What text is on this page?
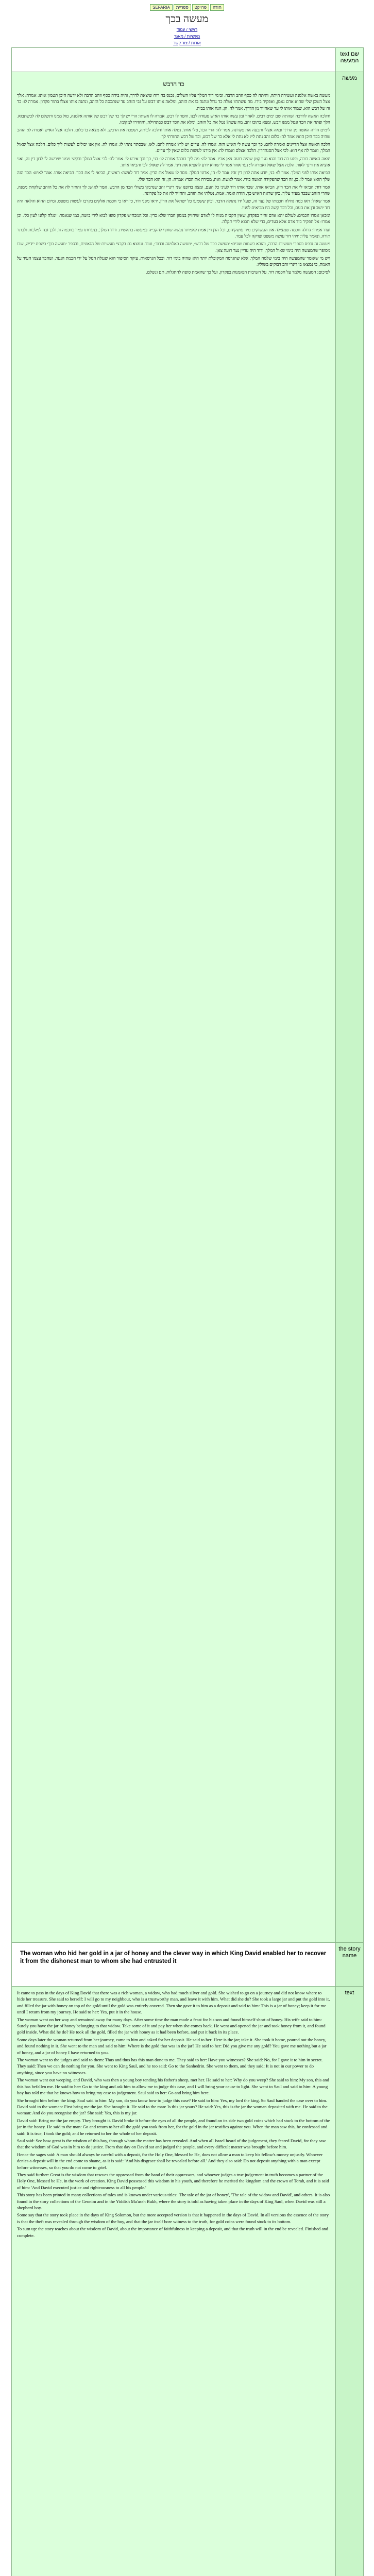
SEFARIA ספריית פרויקט חזרה
מעשה בכך
ראשי / עמוד
מעשיות / מאגר
אודות / צור קשר
text שם המעשה
כד הדבש

מעשה באשה אלמנה ועשירה היתה, והיתה לה כסף וזהב הרבה. ובימי דוד המלך עליו השלום, נכנס בה רוח שיצאת לדרך, והיה בידה כסף וזהב הרבה ולא ידעה היכן תטמון אותו. אמרה: אלך אצל השכן שלי שהוא אדם נאמן, ואפקיד בידו. מה עשתה? נטלה כד גדול ונתנה בו את הזהב, ומלאה אותו דבש על גבי הזהב עד שנתכסה כל הזהב, ונתנה אותו אצלו בתור פקדון. אמרה לו: כד זה של דבש הוא, שמור אותו לי עד שאחזור מן הדרך. אמר לה: הן, הנח אותו בבית.

והלכה האשה לדרכה ושהתה שם ימים רבים. לאחר זמן עשה אותו האיש סעודה לבנו, וחסר לו דבש. אמרה לו אשתו: הרי יש לך כד של דבש של אותה אלמנה, טול ממנו ותשלם לה לכשתבוא. הלך ופתח את הכד ונטל ממנו דבש, ומצא בתוכו זהב. מה עשה? נטל את כל הזהב, ומלא את הכד דבש כבתחילה, והחזירו למקומו.

לימים חזרה האשה מן הדרך ובאה אצלו ותבעה את פקדונה. אמר לה: הרי הכד, טלי אותו. נטלה אותו והלכה לביתה, ושפכה את הדבש, ולא מצאה בו כלום. הלכה אצל האיש ואמרה לו: הזהב שהיה בכד היכן הוא? אמר לה: כלום זהב נתת לי? לא נתת לי אלא כד של דבש, וכד של דבש החזרתי לך.

הלכה האשה אצל הדיינים ואמרה להם: כך וכך עשה לי האיש הזה. אמרו לה: עדים יש לך? אמרה להם: לאו, שבסתר נתתי לו. אמרו לה: אין אנו יכולים לעשות ליך כלום. הלכה אצל שאול המלך, ואמר לה אף הוא: לכי אצל הסנהדרין. הלכה אצלם ואמרו לה: אין בידנו לעשות כלום שאין לך עדים.

יצאה האשה בוכה, ופגע בה דוד והוא נער קטן שהיה רועה צאן אביו. אמר לה: מה ליך בוכה? אמרה לו: בני, כך וכך אירע לי. אמר לה: לכי אצל המלך ובקשי ממנו שירשה לי לדון דין זה, ואני אוציא את דינך לאור. הלכה אצל שאול ואמרה לו: נער אחד אמר לי שהוא יודע להוציא את דיני. אמר לה שאול: לכי והביאי אותו.

הביאה אותו לפני המלך. אמר לו: בני, יודע אתה לדון דין זה? אמר לו: הן, אדוני המלך. מסר לו שאול את הדין. אמר דוד לאשה: ראשית, הביאי לי את הכד. הביאה אותו. אמר לאיש: הכד הזה שלך הוא? אמר לו: כן, זה הכד שהפקידה האשה בידי. אמר לאשה: ואת, מכירה את הכד? אמרה: הן, זה הוא הכד שלי.

אמר דוד: הביאו לי את הכד ריק. הביאו אותו. שבר אותו דוד לעיני כל העם, ומצא בדופנו שני דינרי זהב שנדבקו בשולי הכד מן הדבש. אמר לאיש: לך והחזר לה את כל הזהב שלקחת ממנה, שהרי הזהב שבכד מעיד עליך. כיון שראה האיש כך, הודה ואמר: אמת, נטלתי את הזהב, והחזיר לה את כל פקדונה.

אמר שאול: ראו כמה גדולה חכמתו של נער זה, שעל ידו נתגלה הדבר. וכיון ששמעו כל ישראל את הדין, יראו מפני דוד, כי ראו כי חכמת אלקים בקרבו לעשות משפט. ומיום ההוא והלאה היה דוד יושב ודן את העם, וכל דבר קשה היו מביאים לפניו.

ומכאן אמרו חכמים: לעולם יהא אדם זהיר בפקדון, שאין הקב״ה מניח לו לאדם שיחזיק בממון חברו שלא כדין. וכל המכחיש פקדון סופו לבוא לידי בושה, כמו שנאמר: ׳ונגלה קלונו לעין כל׳. וכן אמרו: אל תפקיד ביד אדם אלא בעדים, כדי שלא תבוא לידי תקלה.

ועוד אמרו: גדולה חכמה שמצילה את העשוקים מיד עושקיהם, וכל הדן דין אמת לאמיתו נעשה שותף להקב״ה במעשה בראשית. ודוד המלך, בנערותו עמד בחכמה זו, ולכן זכה למלכות ולכתר תורה, ונאמר עליו: ׳ויהי דוד עושה משפט וצדקה לכל עמו׳.

מעשה זה נדפס בספרי מעשיות הרבה, והובא בשמות שונים: ׳מעשה בכד של דבש׳, ׳מעשה באלמנה ובדוד׳, ועוד. ונמצא גם בקבצי מעשיות של הגאונים, ובספר ׳מעשה בוך׳ בשפת יידיש, שבו מסופר שהמעשה היה בימי שאול המלך, ודוד היה עדיין נער רועה צאן.

ויש מי שאומר שהמעשה היה בימי שלמה המלך, אלא שהגרסה המקובלת יותר היא שהיה בימי דוד. ובכל הגרסאות, עיקר הסיפור הוא שנגלה הגזל על ידי חכמת הנער, ושהכד עצמו העיד על האמת, כי נמצאו בו דינרי זהב דבוקים בשוליו.

לסיכום: המעשה מלמד על חכמת דוד, על חשיבות הנאמנות בפקדון, ועל כך שהאמת סופה להתגלות. תם ונשלם.

מעשה
The woman who hid her gold in a jar of honey and the clever way in which King David enabled her to recover it from the dishonest man to whom she had entrusted it
the story name

It came to pass in the days of King David that there was a rich woman, a widow, who had much silver and gold. She wished to go on a journey and did not know where to hide her treasure. She said to herself: I will go to my neighbour, who is a trustworthy man, and leave it with him. What did she do? She took a large jar and put the gold into it, and filled the jar with honey on top of the gold until the gold was entirely covered. Then she gave it to him as a deposit and said to him: This is a jar of honey; keep it for me until I return from my journey. He said to her: Yes, put it in the house.

The woman went on her way and remained away for many days. After some time the man made a feast for his son and found himself short of honey. His wife said to him: Surely you have the jar of honey belonging to that widow. Take some of it and pay her when she comes back. He went and opened the jar and took honey from it, and found gold inside. What did he do? He took all the gold, filled the jar with honey as it had been before, and put it back in its place.

Some days later the woman returned from her journey, came to him and asked for her deposit. He said to her: Here is the jar; take it. She took it home, poured out the honey, and found nothing in it. She went to the man and said to him: Where is the gold that was in the jar? He said to her: Did you give me any gold? You gave me nothing but a jar of honey, and a jar of honey I have returned to you.

The woman went to the judges and said to them: Thus and thus has this man done to me. They said to her: Have you witnesses? She said: No, for I gave it to him in secret. They said: Then we can do nothing for you. She went to King Saul, and he too said: Go to the Sanhedrin. She went to them, and they said: It is not in our power to do anything, since you have no witnesses.

The woman went out weeping, and David, who was then a young boy tending his father's sheep, met her. He said to her: Why do you weep? She said to him: My son, this and this has befallen me. He said to her: Go to the king and ask him to allow me to judge this case, and I will bring your cause to light. She went to Saul and said to him: A young boy has told me that he knows how to bring my case to judgement. Saul said to her: Go and bring him here.

She brought him before the king. Saul said to him: My son, do you know how to judge this case? He said to him: Yes, my lord the king. So Saul handed the case over to him. David said to the woman: First bring me the jar. She brought it. He said to the man: Is this jar yours? He said: Yes, this is the jar the woman deposited with me. He said to the woman: And do you recognise the jar? She said: Yes, this is my jar.

David said: Bring me the jar empty. They brought it. David broke it before the eyes of all the people, and found on its side two gold coins which had stuck to the bottom of the jar in the honey. He said to the man: Go and return to her all the gold you took from her, for the gold in the jar testifies against you. When the man saw this, he confessed and said: It is true, I took the gold; and he returned to her the whole of her deposit.

Saul said: See how great is the wisdom of this boy, through whom the matter has been revealed. And when all Israel heard of the judgement, they feared David, for they saw that the wisdom of God was in him to do justice. From that day on David sat and judged the people, and every difficult matter was brought before him.

Hence the sages said: A man should always be careful with a deposit, for the Holy One, blessed be He, does not allow a man to keep his fellow's money unjustly. Whoever denies a deposit will in the end come to shame, as it is said: 'And his disgrace shall be revealed before all.' And they also said: Do not deposit anything with a man except before witnesses, so that you do not come to grief.

They said further: Great is the wisdom that rescues the oppressed from the hand of their oppressors, and whoever judges a true judgement in truth becomes a partner of the Holy One, blessed be He, in the work of creation. King David possessed this wisdom in his youth, and therefore he merited the kingdom and the crown of Torah, and it is said of him: 'And David executed justice and righteousness to all his people.'

This story has been printed in many collections of tales and is known under various titles: 'The tale of the jar of honey', 'The tale of the widow and David', and others. It is also found in the story collections of the Geonim and in the Yiddish Ma'aseh Bukh, where the story is told as having taken place in the days of King Saul, when David was still a shepherd boy.

Some say that the story took place in the days of King Solomon, but the more accepted version is that it happened in the days of David. In all versions the essence of the story is that the theft was revealed through the wisdom of the boy, and that the jar itself bore witness to the truth, for gold coins were found stuck to its bottom.

To sum up: the story teaches about the wisdom of David, about the importance of faithfulness in keeping a deposit, and that the truth will in the end be revealed. Finished and complete.

text
